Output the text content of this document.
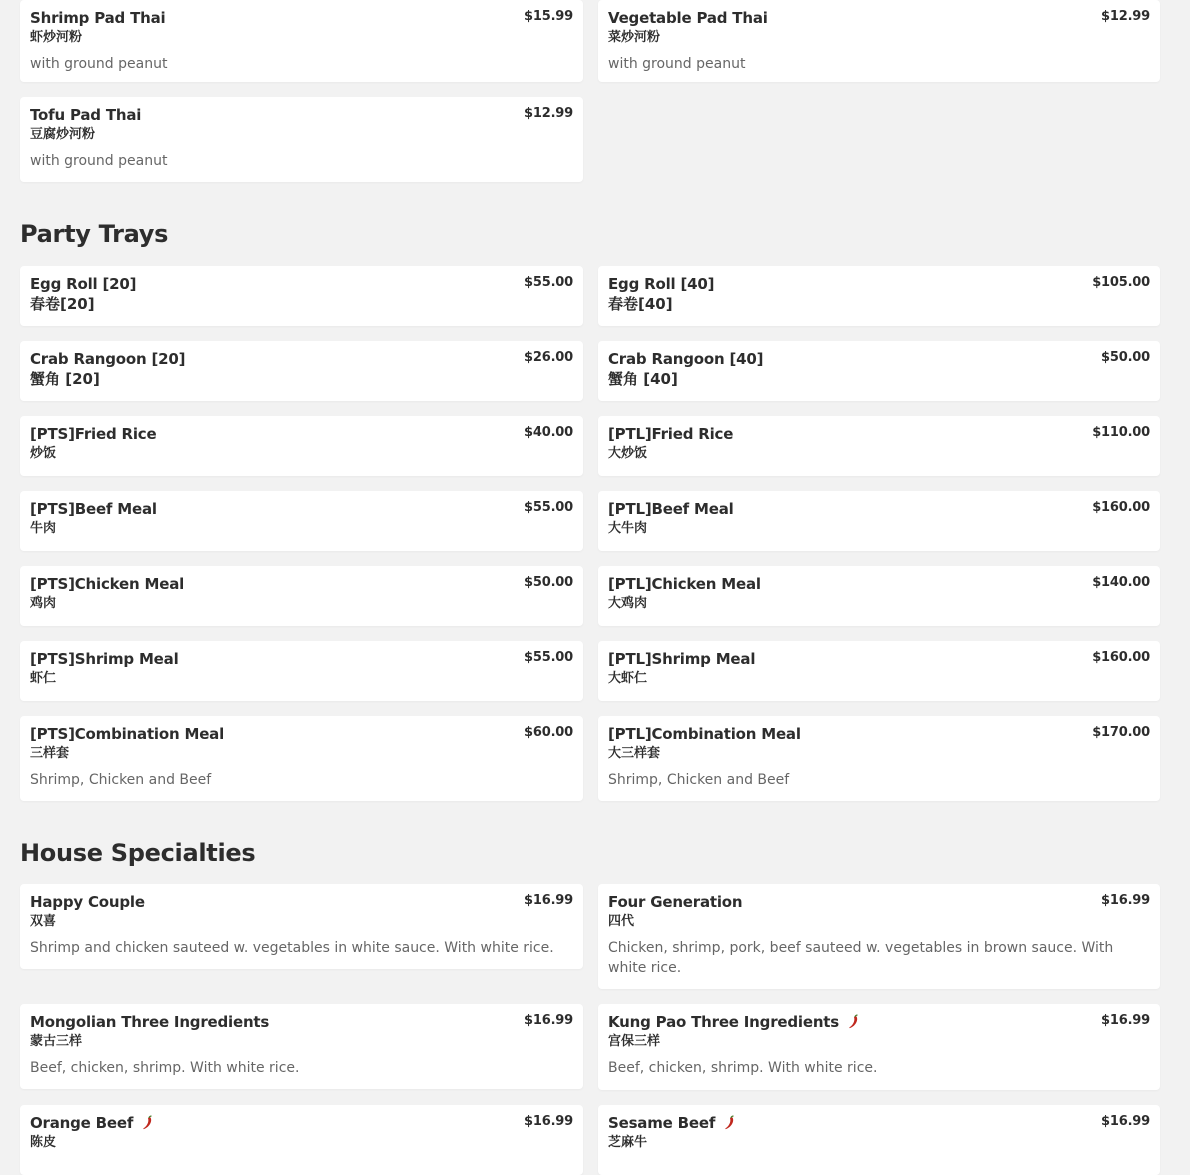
Shrimp Pad Thai	$15.99
虾炒河粉
with ground peanut
Vegetable Pad Thai	$12.99
菜炒河粉
with ground peanut
Tofu Pad Thai	$12.99
豆腐炒河粉
with ground peanut
Party Trays
Egg Roll [20]	$55.00
春卷[20]
Egg Roll [40]	$105.00
春卷[40]
Crab Rangoon [20]	$26.00
蟹角 [20]
Crab Rangoon [40]	$50.00
蟹角 [40]
[PTS]Fried Rice	$40.00
炒饭
[PTL]Fried Rice	$110.00
大炒饭
[PTS]Beef Meal	$55.00
牛肉
[PTL]Beef Meal	$160.00
大牛肉
[PTS]Chicken Meal	$50.00
鸡肉
[PTL]Chicken Meal	$140.00
大鸡肉
[PTS]Shrimp Meal	$55.00
虾仁
[PTL]Shrimp Meal	$160.00
大虾仁
[PTS]Combination Meal	$60.00
三样套
Shrimp, Chicken and Beef
[PTL]Combination Meal	$170.00
大三样套
Shrimp, Chicken and Beef
House Specialties
Happy Couple	$16.99
双喜
Shrimp and chicken sauteed w. vegetables in white sauce. With white rice.
Four Generation	$16.99
四代
Chicken, shrimp, pork, beef sauteed w. vegetables in brown sauce. With white rice.
Mongolian Three Ingredients	$16.99
蒙古三样
Beef, chicken, shrimp. With white rice.
Kung Pao Three Ingredients	$16.99
宫保三样
Beef, chicken, shrimp. With white rice.
Orange Beef	$16.99
陈皮
Sesame Beef	$16.99
芝麻牛
